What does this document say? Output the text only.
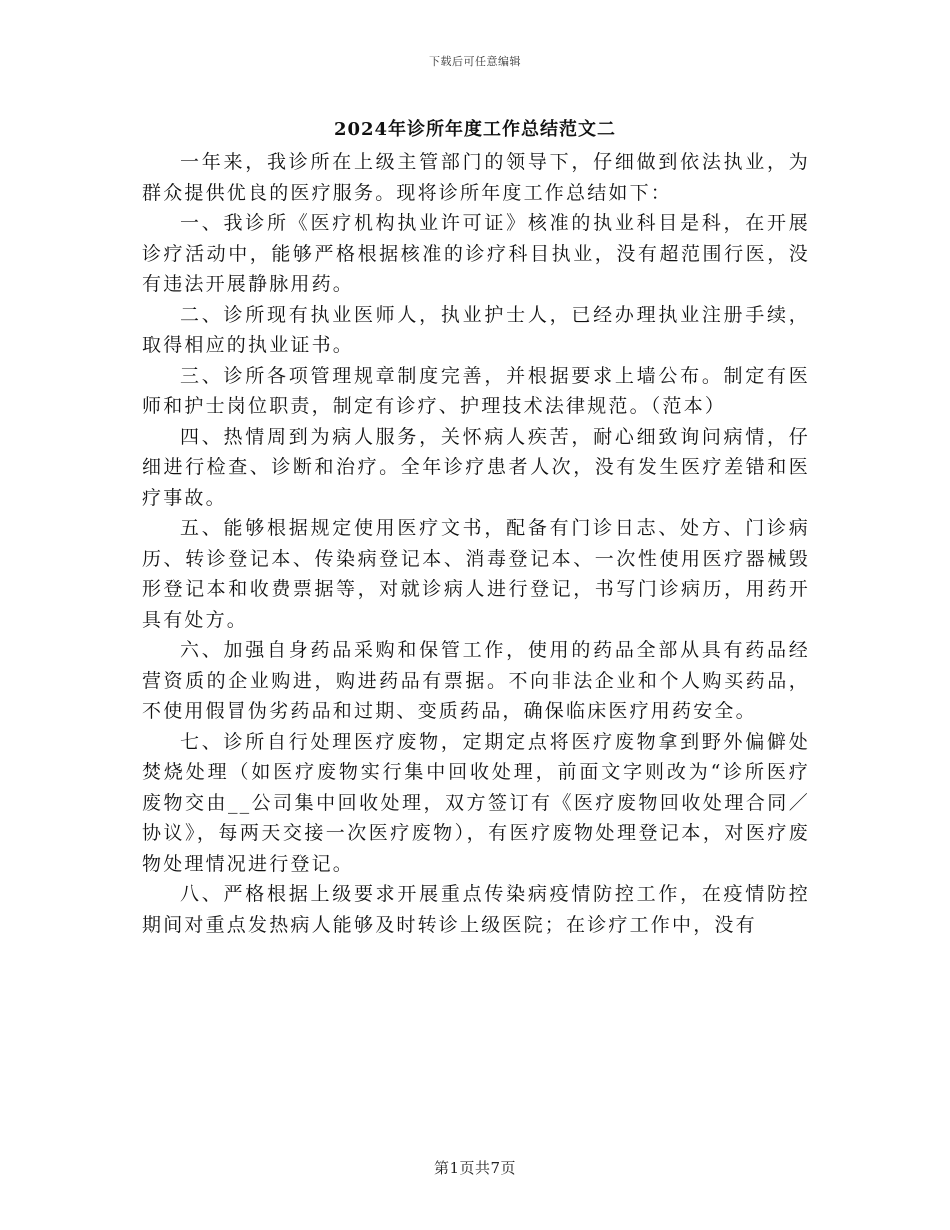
下载后可任意编辑
2024年诊所年度工作总结范文二

一年来，我诊所在上级主管部门的领导下，仔细做到依法执业，为群众提供优良的医疗服务。现将诊所年度工作总结如下：

一、我诊所《医疗机构执业许可证》核准的执业科目是科，在开展诊疗活动中，能够严格根据核准的诊疗科目执业，没有超范围行医，没有违法开展静脉用药。

二、诊所现有执业医师人，执业护士人，已经办理执业注册手续，取得相应的执业证书。

三、诊所各项管理规章制度完善，并根据要求上墙公布。制定有医师和护士岗位职责，制定有诊疗、护理技术法律规范。（范本）

四、热情周到为病人服务，关怀病人疾苦，耐心细致询问病情，仔细进行检查、诊断和治疗。全年诊疗患者人次，没有发生医疗差错和医疗事故。

五、能够根据规定使用医疗文书，配备有门诊日志、处方、门诊病历、转诊登记本、传染病登记本、消毒登记本、一次性使用医疗器械毁形登记本和收费票据等，对就诊病人进行登记，书写门诊病历，用药开具有处方。

六、加强自身药品采购和保管工作，使用的药品全部从具有药品经营资质的企业购进，购进药品有票据。不向非法企业和个人购买药品，不使用假冒伪劣药品和过期、变质药品，确保临床医疗用药安全。

七、诊所自行处理医疗废物，定期定点将医疗废物拿到野外偏僻处焚烧处理（如医疗废物实行集中回收处理，前面文字则改为“诊所医疗废物交由__公司集中回收处理，双方签订有《医疗废物回收处理合同／协议》，每两天交接一次医疗废物），有医疗废物处理登记本，对医疗废物处理情况进行登记。

八、严格根据上级要求开展重点传染病疫情防控工作，在疫情防控期间对重点发热病人能够及时转诊上级医院；在诊疗工作中，没有

第1页共7页
